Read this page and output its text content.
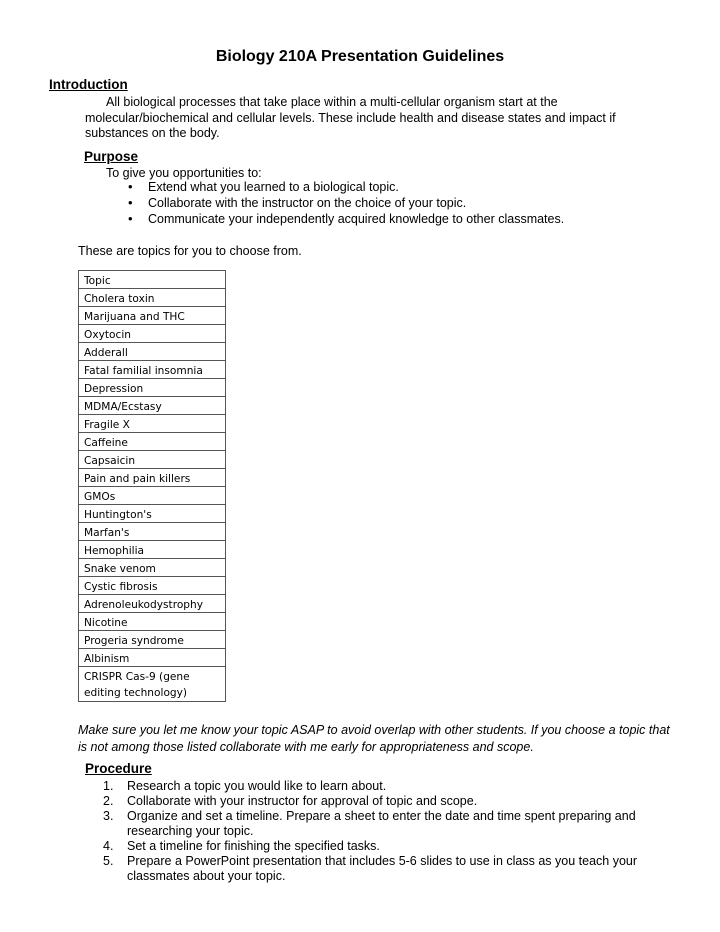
Biology 210A Presentation Guidelines
Introduction
All biological processes that take place within a multi-cellular organism start at the
molecular/biochemical and cellular levels. These include health and disease states and impact if
substances on the body.
Purpose
To give you opportunities to:
• Extend what you learned to a biological topic.
• Collaborate with the instructor on the choice of your topic.
• Communicate your independently acquired knowledge to other classmates.
These are topics for you to choose from.
Topic
Cholera toxin
Marijuana and THC
Oxytocin
Adderall
Fatal familial insomnia
Depression
MDMA/Ecstasy
Fragile X
Caffeine
Capsaicin
Pain and pain killers
GMOs
Huntington's
Marfan's
Hemophilia
Snake venom
Cystic fibrosis
Adrenoleukodystrophy
Nicotine
Progeria syndrome
Albinism
CRISPR Cas-9 (gene editing technology)
Make sure you let me know your topic ASAP to avoid overlap with other students. If you choose a topic that is not among those listed collaborate with me early for appropriateness and scope.
Procedure
1. Research a topic you would like to learn about.
2. Collaborate with your instructor for approval of topic and scope.
3. Organize and set a timeline. Prepare a sheet to enter the date and time spent preparing and
researching your topic.
4. Set a timeline for finishing the specified tasks.
5. Prepare a PowerPoint presentation that includes 5-6 slides to use in class as you teach your
classmates about your topic.
